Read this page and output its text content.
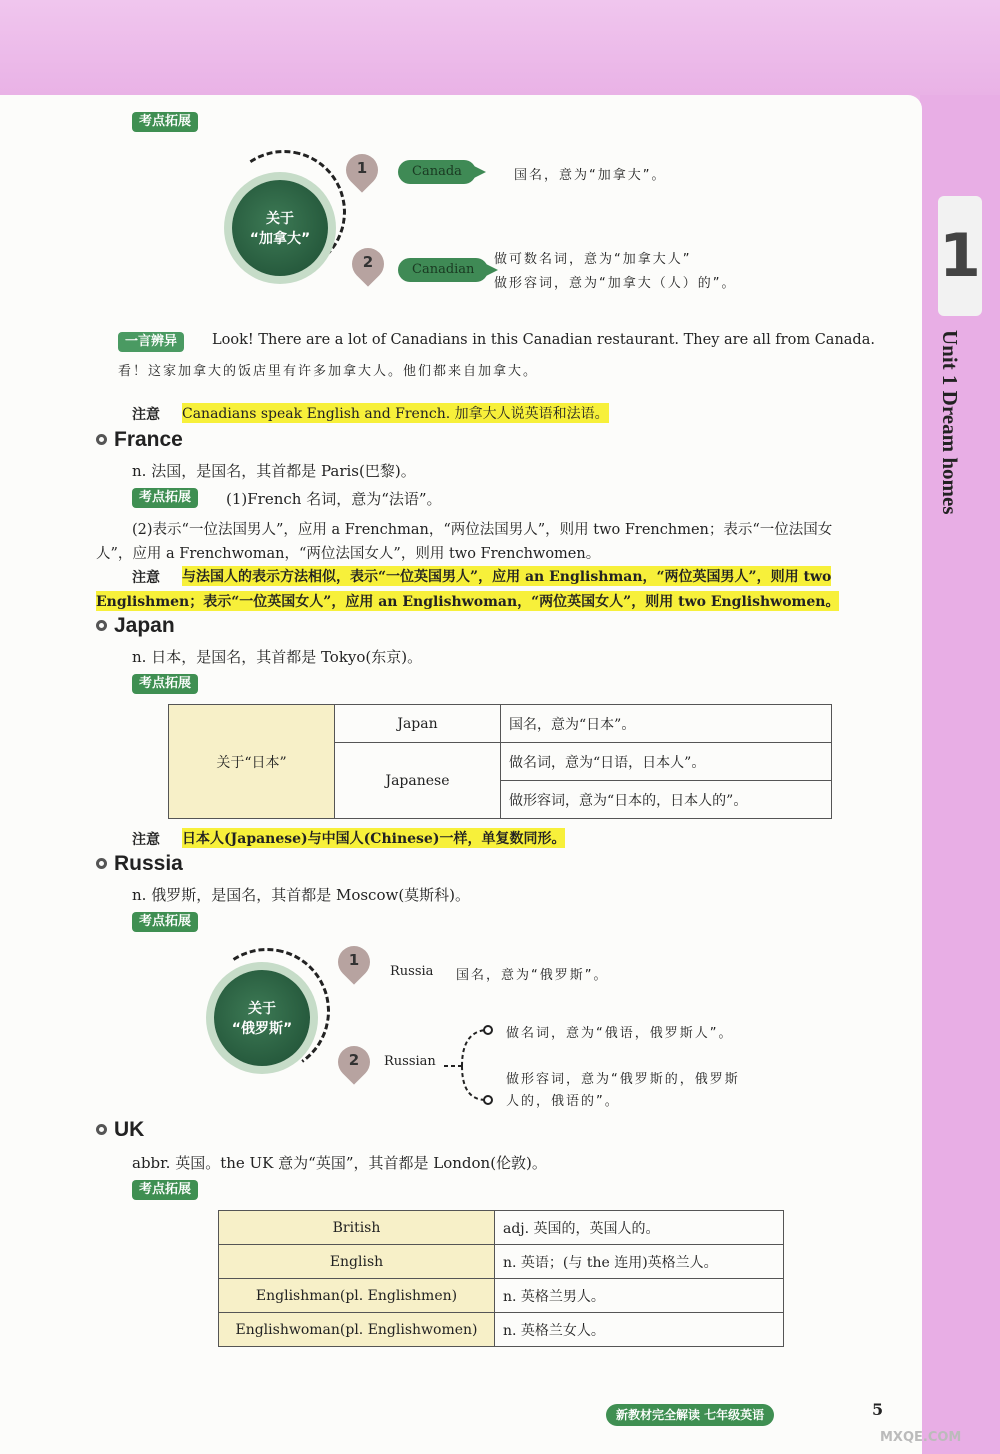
1
Unit 1 Dream homes
考点拓展
关于
“加拿大”
1
2
Canada	国名，意为“加拿大”。
Canadian
做可数名词，意为“加拿大人”
做形容词，意为“加拿大（人）的”。
一言辨异	Look! There are a lot of Canadians in this Canadian restaurant. They are all from Canada.
看！这家加拿大的饭店里有许多加拿大人。他们都来自加拿大。
注意 Canadians speak English and French. 加拿大人说英语和法语。
France
n. 法国，是国名，其首都是 Paris(巴黎)。
考点拓展	(1)French 名词，意为“法语”。
(2)表示“一位法国男人”，应用 a Frenchman，“两位法国男人”，则用 two Frenchmen；表示“一位法国女
人”，应用 a Frenchwoman，“两位法国女人”，则用 two Frenchwomen。
注意 与法国人的表示方法相似，表示“一位英国男人”，应用 an Englishman，“两位英国男人”，则用 two
Englishmen；表示“一位英国女人”，应用 an Englishwoman，“两位英国女人”，则用 two Englishwomen。
Japan
n. 日本，是国名，其首都是 Tokyo(东京)。
考点拓展
关于“日本”	Japan	国名，意为“日本”。
	Japanese	做名词，意为“日语，日本人”。
		做形容词，意为“日本的，日本人的”。
注意 日本人(Japanese)与中国人(Chinese)一样，单复数同形。
Russia
n. 俄罗斯，是国名，其首都是 Moscow(莫斯科)。
考点拓展
关于
“俄罗斯”
1
2
Russia 国名，意为“俄罗斯”。
Russian
做名词，意为“俄语，俄罗斯人”。
做形容词，意为“俄罗斯的，俄罗斯
人的，俄语的”。
UK
abbr. 英国。the UK 意为“英国”，其首都是 London(伦敦)。
考点拓展
British	adj. 英国的，英国人的。
English	n. 英语；(与 the 连用)英格兰人。
Englishman(pl. Englishmen)	n. 英格兰男人。
Englishwoman(pl. Englishwomen)	n. 英格兰女人。
新教材完全解读 七年级英语	5
MXQE.COM
